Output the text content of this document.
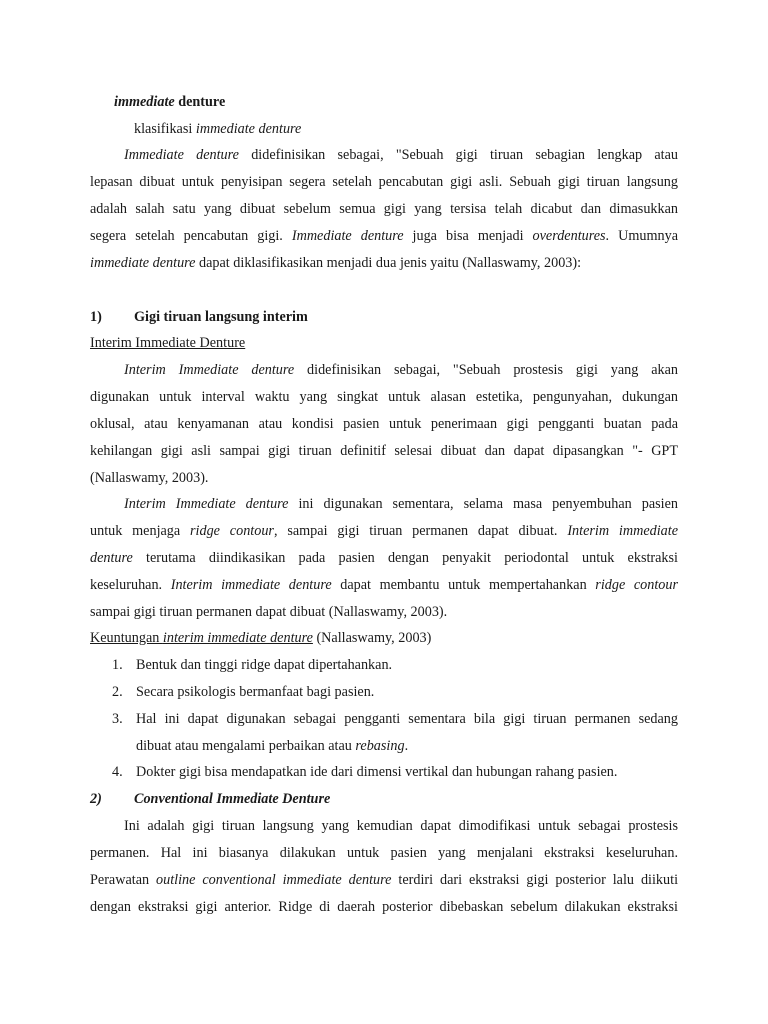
immediate denture
klasifikasi immediate denture
Immediate denture didefinisikan sebagai, "Sebuah gigi tiruan sebagian lengkap atau
lepasan dibuat untuk penyisipan segera setelah pencabutan gigi asli. Sebuah gigi tiruan langsung
adalah salah satu yang dibuat sebelum semua gigi yang tersisa telah dicabut dan dimasukkan
segera setelah pencabutan gigi. Immediate denture juga bisa menjadi overdentures. Umumnya
immediate denture dapat diklasifikasikan menjadi dua jenis yaitu (Nallaswamy, 2003):
1) Gigi tiruan langsung interim
Interim Immediate Denture
Interim Immediate denture didefinisikan sebagai, "Sebuah prostesis gigi yang akan
digunakan untuk interval waktu yang singkat untuk alasan estetika, pengunyahan, dukungan
oklusal, atau kenyamanan atau kondisi pasien untuk penerimaan gigi pengganti buatan pada
kehilangan gigi asli sampai gigi tiruan definitif selesai dibuat dan dapat dipasangkan "- GPT
(Nallaswamy, 2003).
Interim Immediate denture ini digunakan sementara, selama masa penyembuhan pasien
untuk menjaga ridge contour, sampai gigi tiruan permanen dapat dibuat. Interim immediate
denture terutama diindikasikan pada pasien dengan penyakit periodontal untuk ekstraksi
keseluruhan. Interim immediate denture dapat membantu untuk mempertahankan ridge contour
sampai gigi tiruan permanen dapat dibuat (Nallaswamy, 2003).
Keuntungan interim immediate denture (Nallaswamy, 2003)
1. Bentuk dan tinggi ridge dapat dipertahankan.
2. Secara psikologis bermanfaat bagi pasien.
3. Hal ini dapat digunakan sebagai pengganti sementara bila gigi tiruan permanen sedang
dibuat atau mengalami perbaikan atau rebasing.
4. Dokter gigi bisa mendapatkan ide dari dimensi vertikal dan hubungan rahang pasien.
2) Conventional Immediate Denture
Ini adalah gigi tiruan langsung yang kemudian dapat dimodifikasi untuk sebagai prostesis
permanen. Hal ini biasanya dilakukan untuk pasien yang menjalani ekstraksi keseluruhan.
Perawatan outline conventional immediate denture terdiri dari ekstraksi gigi posterior lalu diikuti
dengan ekstraksi gigi anterior. Ridge di daerah posterior dibebaskan sebelum dilakukan ekstraksi
